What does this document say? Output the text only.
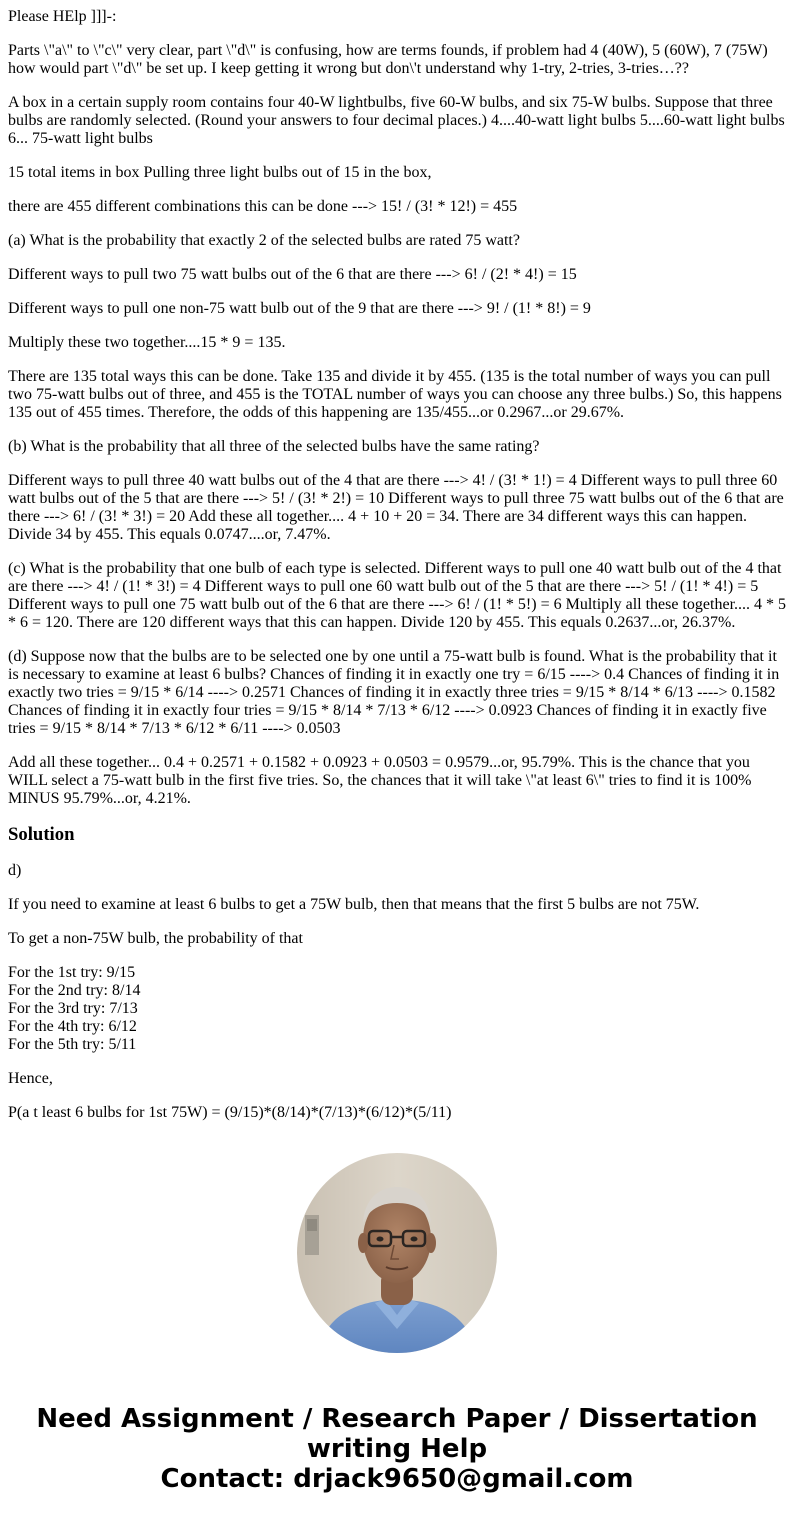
Please HElp ]]]-:

Parts \"a\" to \"c\" very clear, part \"d\" is confusing, how are terms founds, if problem had 4 (40W), 5 (60W), 7 (75W) how would part \"d\" be set up. I keep getting it wrong but don\'t understand why 1-try, 2-tries, 3-tries…??

A box in a certain supply room contains four 40-W lightbulbs, five 60-W bulbs, and six 75-W bulbs. Suppose that three bulbs are randomly selected. (Round your answers to four decimal places.) 4....40-watt light bulbs 5....60-watt light bulbs 6... 75-watt light bulbs

15 total items in box Pulling three light bulbs out of 15 in the box,

there are 455 different combinations this can be done ---> 15! / (3! * 12!) = 455

(a) What is the probability that exactly 2 of the selected bulbs are rated 75 watt?

Different ways to pull two 75 watt bulbs out of the 6 that are there ---> 6! / (2! * 4!) = 15

Different ways to pull one non-75 watt bulb out of the 9 that are there ---> 9! / (1! * 8!) = 9

Multiply these two together....15 * 9 = 135.

There are 135 total ways this can be done. Take 135 and divide it by 455. (135 is the total number of ways you can pull two 75-watt bulbs out of three, and 455 is the TOTAL number of ways you can choose any three bulbs.) So, this happens 135 out of 455 times. Therefore, the odds of this happening are 135/455...or 0.2967...or 29.67%.

(b) What is the probability that all three of the selected bulbs have the same rating?

Different ways to pull three 40 watt bulbs out of the 4 that are there ---> 4! / (3! * 1!) = 4 Different ways to pull three 60 watt bulbs out of the 5 that are there ---> 5! / (3! * 2!) = 10 Different ways to pull three 75 watt bulbs out of the 6 that are there ---> 6! / (3! * 3!) = 20 Add these all together.... 4 + 10 + 20 = 34. There are 34 different ways this can happen. Divide 34 by 455. This equals 0.0747....or, 7.47%.

(c) What is the probability that one bulb of each type is selected. Different ways to pull one 40 watt bulb out of the 4 that are there ---> 4! / (1! * 3!) = 4 Different ways to pull one 60 watt bulb out of the 5 that are there ---> 5! / (1! * 4!) = 5 Different ways to pull one 75 watt bulb out of the 6 that are there ---> 6! / (1! * 5!) = 6 Multiply all these together.... 4 * 5 * 6 = 120. There are 120 different ways that this can happen. Divide 120 by 455. This equals 0.2637...or, 26.37%.

(d) Suppose now that the bulbs are to be selected one by one until a 75-watt bulb is found. What is the probability that it is necessary to examine at least 6 bulbs? Chances of finding it in exactly one try = 6/15 ----> 0.4 Chances of finding it in exactly two tries = 9/15 * 6/14 ----> 0.2571 Chances of finding it in exactly three tries = 9/15 * 8/14 * 6/13 ----> 0.1582 Chances of finding it in exactly four tries = 9/15 * 8/14 * 7/13 * 6/12 ----> 0.0923 Chances of finding it in exactly five tries = 9/15 * 8/14 * 7/13 * 6/12 * 6/11 ----> 0.0503

Add all these together... 0.4 + 0.2571 + 0.1582 + 0.0923 + 0.0503 = 0.9579...or, 95.79%. This is the chance that you WILL select a 75-watt bulb in the first five tries. So, the chances that it will take \"at least 6\" tries to find it is 100% MINUS 95.79%...or, 4.21%.

Solution

d)

If you need to examine at least 6 bulbs to get a 75W bulb, then that means that the first 5 bulbs are not 75W.

To get a non-75W bulb, the probability of that

For the 1st try: 9/15

For the 2nd try: 8/14

For the 3rd try: 7/13

For the 4th try: 6/12

For the 5th try: 5/11

Hence,

P(a t least 6 bulbs for 1st 75W) = (9/15)*(8/14)*(7/13)*(6/12)*(5/11)

Need Assignment / Research Paper / Dissertation
writing Help
Contact: drjack9650@gmail.com
